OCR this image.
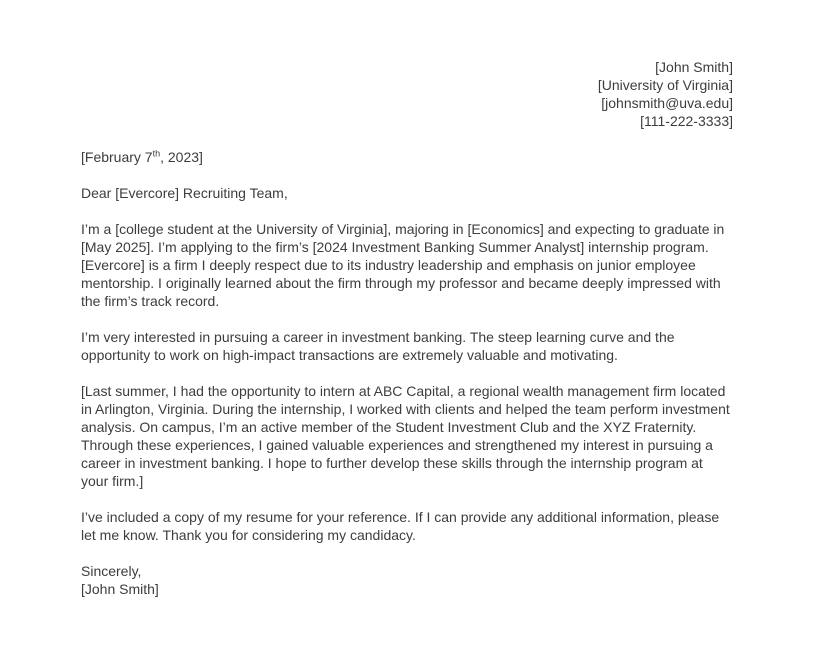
[John Smith]
[University of Virginia]
[johnsmith@uva.edu]
[111-222-3333]

[February 7th, 2023]

Dear [Evercore] Recruiting Team,

I’m a [college student at the University of Virginia], majoring in [Economics] and expecting to graduate in [May 2025]. I’m applying to the firm’s [2024 Investment Banking Summer Analyst] internship program. [Evercore] is a firm I deeply respect due to its industry leadership and emphasis on junior employee mentorship. I originally learned about the firm through my professor and became deeply impressed with the firm’s track record.

I’m very interested in pursuing a career in investment banking. The steep learning curve and the opportunity to work on high-impact transactions are extremely valuable and motivating.

[Last summer, I had the opportunity to intern at ABC Capital, a regional wealth management firm located in Arlington, Virginia. During the internship, I worked with clients and helped the team perform investment analysis. On campus, I’m an active member of the Student Investment Club and the XYZ Fraternity. Through these experiences, I gained valuable experiences and strengthened my interest in pursuing a career in investment banking. I hope to further develop these skills through the internship program at your firm.]

I’ve included a copy of my resume for your reference. If I can provide any additional information, please let me know. Thank you for considering my candidacy.

Sincerely,

[John Smith]
